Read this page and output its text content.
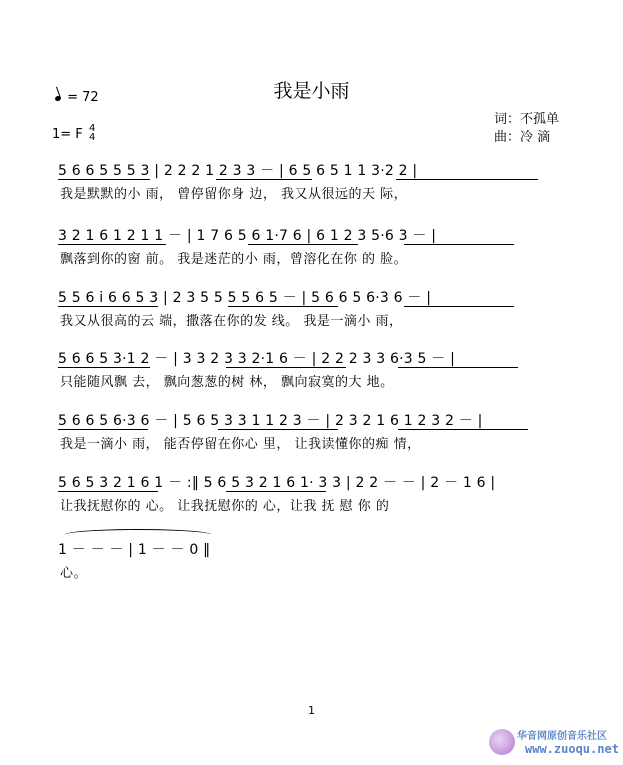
我是小雨
= 72
1= F 4
4
词：不孤单
曲：冷 滴
5 6 6 5 5 5 3 | 2 2 2 1 2 3 3 － | 6 5 6 5 1 1 3·2 2 |
我是默默的小 雨， 曾停留你身 边， 我又从很远的天 际，
3 2 1 6 1 2 1 1 － | 1 7 6 5 6 1·7 6 | 6 1 2 3 5·6 3 － |
飘落到你的窗 前。 我是迷茫的小 雨，曾溶化在你 的 脸。
5 5 6 i 6 6 5 3 | 2 3 5 5 5 5 6 5 － | 5 6 6 5 6·3 6 － |
我又从很高的云 端，撒落在你的发 线。 我是一滴小 雨，
5 6 6 5 3·1 2 － | 3 3 2 3 3 2·1 6 － | 2 2 2 3 3 6·3 5 － |
只能随风飘 去， 飘向葱葱的树 林， 飘向寂寞的大 地。
5 6 6 5 6·3 6 － | 5 6 5 3 3 1 1 2 3 － | 2 3 2 1 6 1 2 3 2 － |
我是一滴小 雨， 能否停留在你心 里， 让我读懂你的痴 情，
5 6 5 3 2 1 6 1 － :‖ 5 6 5 3 2 1 6 1· 3 3 | 2 2 － － | 2 － 1 6 |
让我抚慰你的 心。 让我抚慰你的 心，让我 抚 慰 你 的
1 － － － | 1 － － 0 ‖
心。
1
华音网原创音乐社区
www.zuoqu.net
